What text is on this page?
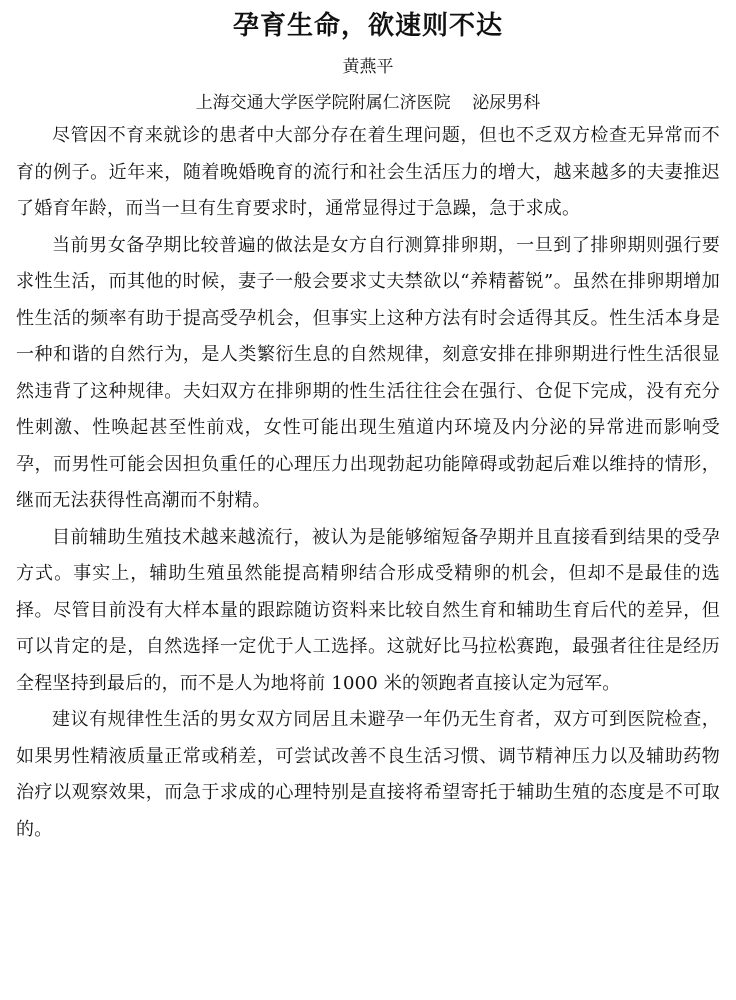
孕育生命，欲速则不达

黄燕平

上海交通大学医学院附属仁济医院    泌尿男科

尽管因不育来就诊的患者中大部分存在着生理问题，但也不乏双方检查无异常而不育的例子。近年来，随着晚婚晚育的流行和社会生活压力的增大，越来越多的夫妻推迟了婚育年龄，而当一旦有生育要求时，通常显得过于急躁，急于求成。

当前男女备孕期比较普遍的做法是女方自行测算排卵期，一旦到了排卵期则强行要求性生活，而其他的时候，妻子一般会要求丈夫禁欲以“养精蓄锐”。虽然在排卵期增加性生活的频率有助于提高受孕机会，但事实上这种方法有时会适得其反。性生活本身是一种和谐的自然行为，是人类繁衍生息的自然规律，刻意安排在排卵期进行性生活很显然违背了这种规律。夫妇双方在排卵期的性生活往往会在强行、仓促下完成，没有充分性刺激、性唤起甚至性前戏，女性可能出现生殖道内环境及内分泌的异常进而影响受孕，而男性可能会因担负重任的心理压力出现勃起功能障碍或勃起后难以维持的情形，继而无法获得性高潮而不射精。

目前辅助生殖技术越来越流行，被认为是能够缩短备孕期并且直接看到结果的受孕方式。事实上，辅助生殖虽然能提高精卵结合形成受精卵的机会，但却不是最佳的选择。尽管目前没有大样本量的跟踪随访资料来比较自然生育和辅助生育后代的差异，但可以肯定的是，自然选择一定优于人工选择。这就好比马拉松赛跑，最强者往往是经历全程坚持到最后的，而不是人为地将前 1000 米的领跑者直接认定为冠军。

建议有规律性生活的男女双方同居且未避孕一年仍无生育者，双方可到医院检查，如果男性精液质量正常或稍差，可尝试改善不良生活习惯、调节精神压力以及辅助药物治疗以观察效果，而急于求成的心理特别是直接将希望寄托于辅助生殖的态度是不可取的。
